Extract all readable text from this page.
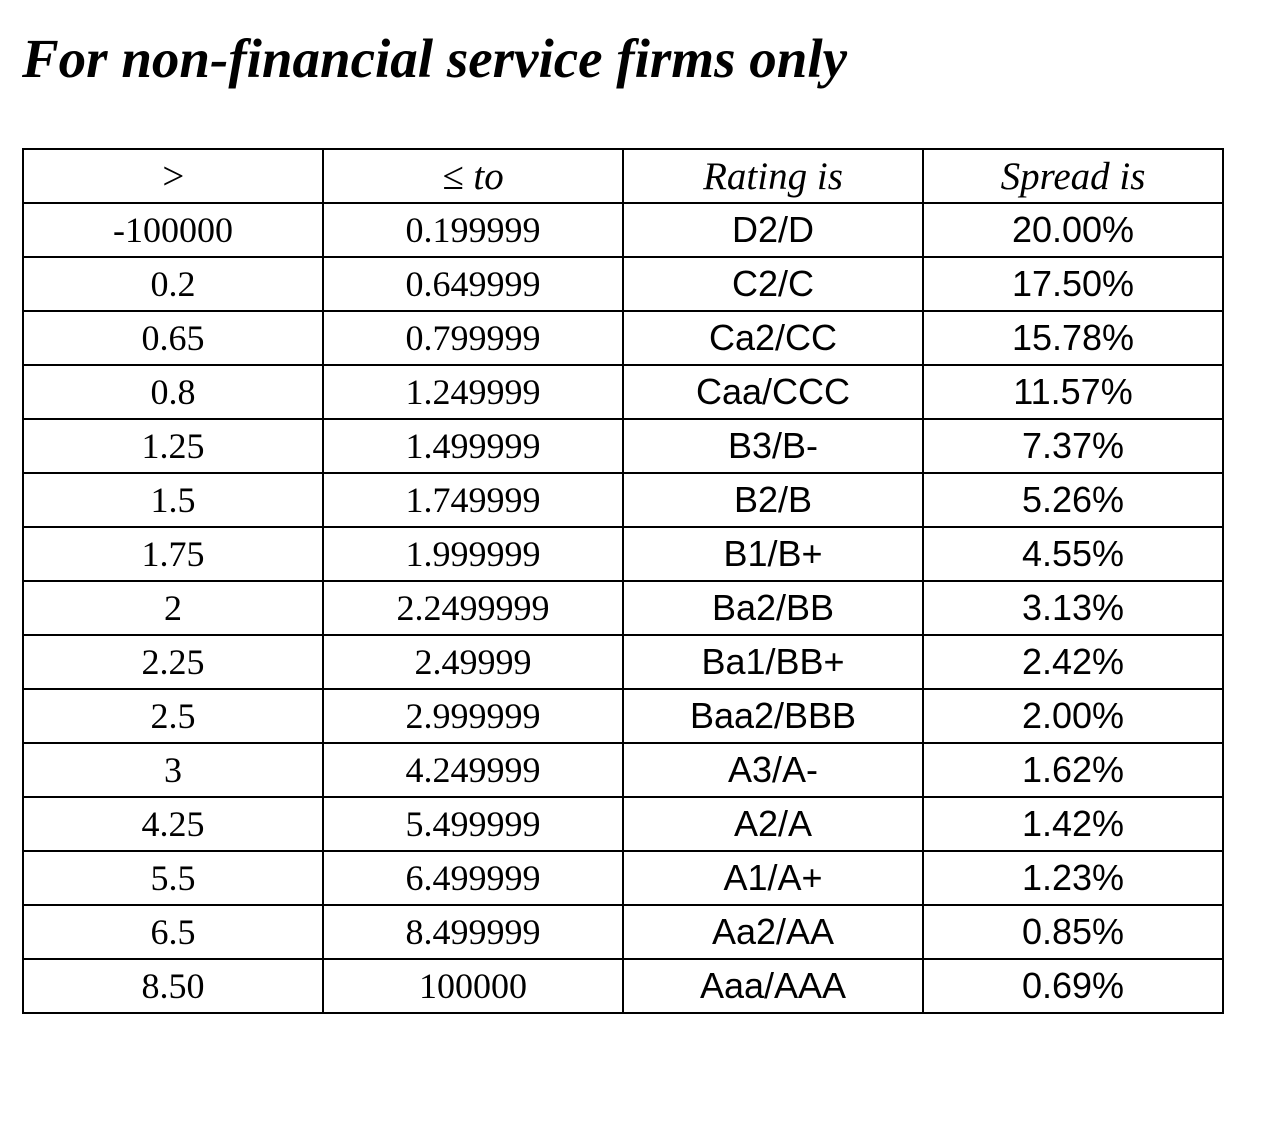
For non-financial service firms only
>	≤ to	Rating is	Spread is
-100000	0.199999	D2/D	20.00%
0.2	0.649999	C2/C	17.50%
0.65	0.799999	Ca2/CC	15.78%
0.8	1.249999	Caa/CCC	11.57%
1.25	1.499999	B3/B-	7.37%
1.5	1.749999	B2/B	5.26%
1.75	1.999999	B1/B+	4.55%
2	2.2499999	Ba2/BB	3.13%
2.25	2.49999	Ba1/BB+	2.42%
2.5	2.999999	Baa2/BBB	2.00%
3	4.249999	A3/A-	1.62%
4.25	5.499999	A2/A	1.42%
5.5	6.499999	A1/A+	1.23%
6.5	8.499999	Aa2/AA	0.85%
8.50	100000	Aaa/AAA	0.69%
